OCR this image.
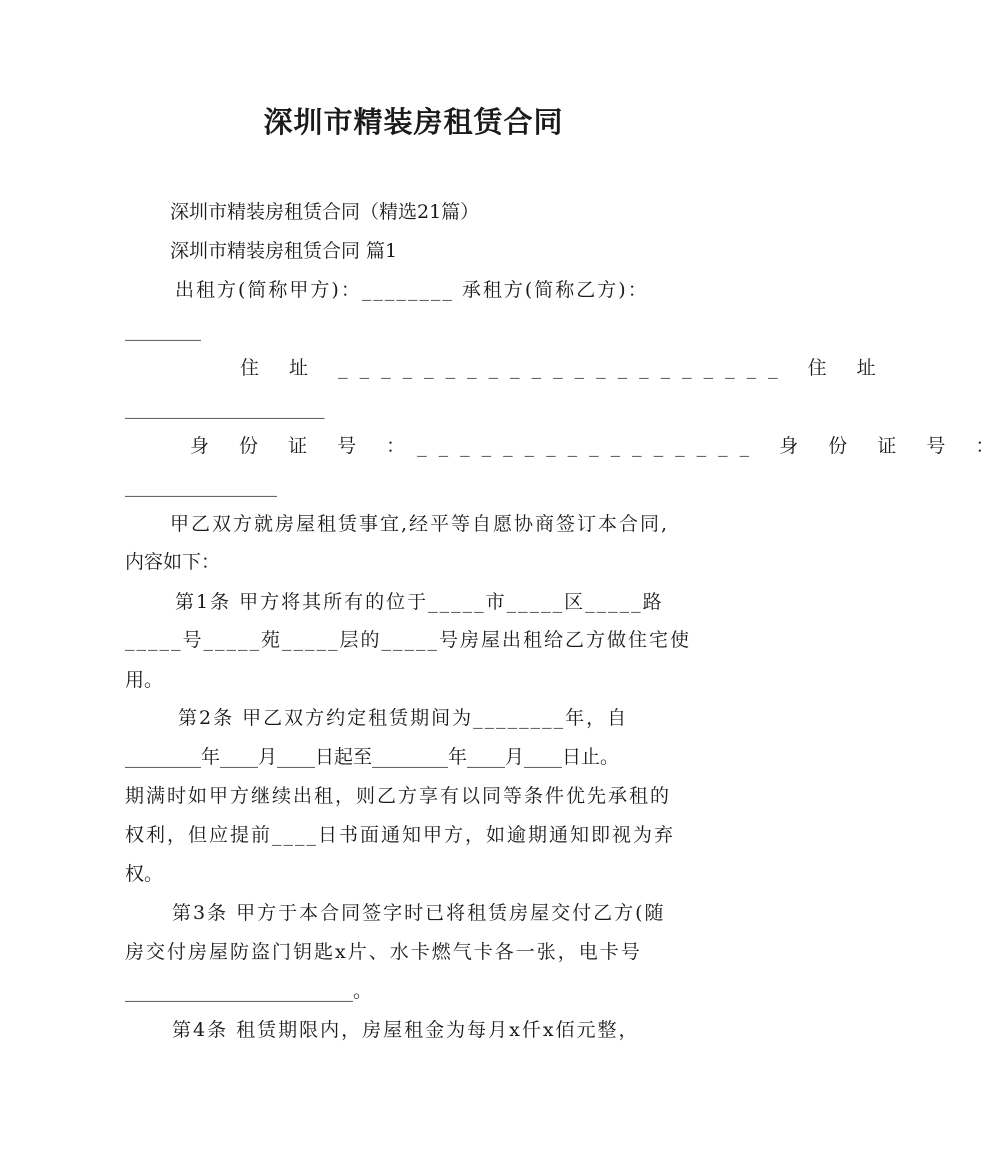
深圳市精装房租赁合同
深圳市精装房租赁合同（精选21篇）
深圳市精装房租赁合同 篇1
出租方(简称甲方)：________ 承租方(简称乙方)：
________
住 址 _____________________ 住 址
_____________________
身 份 证 号 ：________________ 身 份 证 号 ：
________________
甲乙双方就房屋租赁事宜,经平等自愿协商签订本合同,
内容如下：
第1条 甲方将其所有的位于_____市_____区_____路
_____号_____苑_____层的_____号房屋出租给乙方做住宅使
用。
第2条 甲乙双方约定租赁期间为________年，自
________年____月____日起至________年____月____日止。
期满时如甲方继续出租，则乙方享有以同等条件优先承租的
权利，但应提前____日书面通知甲方，如逾期通知即视为弃
权。
第3条 甲方于本合同签字时已将租赁房屋交付乙方(随
房交付房屋防盗门钥匙x片、水卡燃气卡各一张，电卡号
________________________。
第4条 租赁期限内，房屋租金为每月x仟x佰元整，
